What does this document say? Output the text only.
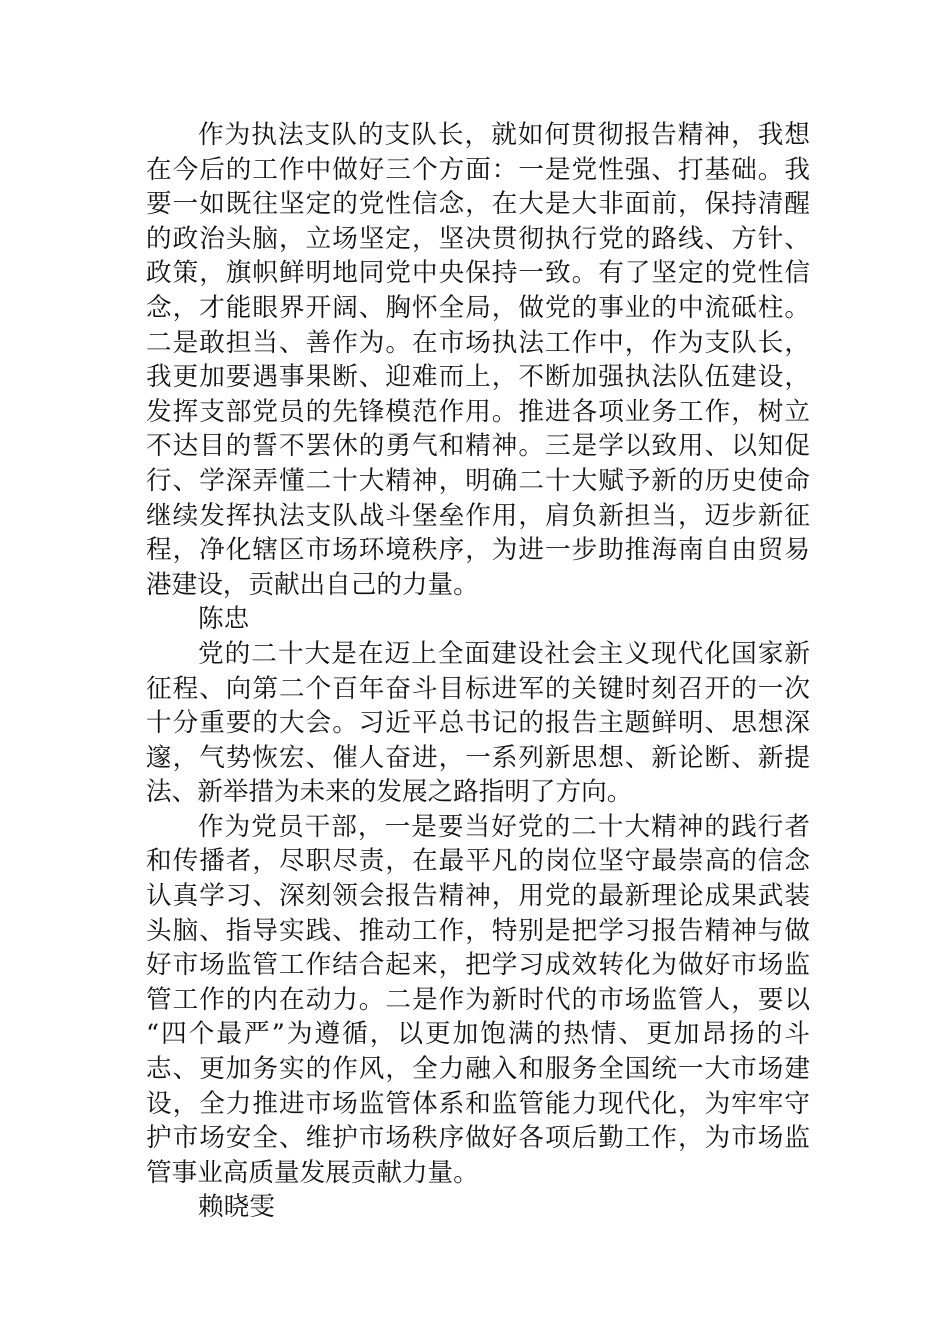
作为执法支队的支队长，就如何贯彻报告精神，我想
在今后的工作中做好三个方面：一是党性强、打基础。我
要一如既往坚定的党性信念，在大是大非面前，保持清醒
的政治头脑，立场坚定，坚决贯彻执行党的路线、方针、
政策，旗帜鲜明地同党中央保持一致。有了坚定的党性信
念，才能眼界开阔、胸怀全局，做党的事业的中流砥柱。
二是敢担当、善作为。在市场执法工作中，作为支队长，
我更加要遇事果断、迎难而上，不断加强执法队伍建设，
发挥支部党员的先锋模范作用。推进各项业务工作，树立
不达目的誓不罢休的勇气和精神。三是学以致用、以知促
行、学深弄懂二十大精神，明确二十大赋予新的历史使命
继续发挥执法支队战斗堡垒作用，肩负新担当，迈步新征
程，净化辖区市场环境秩序，为进一步助推海南自由贸易
港建设，贡献出自己的力量。
陈忠
党的二十大是在迈上全面建设社会主义现代化国家新
征程、向第二个百年奋斗目标进军的关键时刻召开的一次
十分重要的大会。习近平总书记的报告主题鲜明、思想深
邃，气势恢宏、催人奋进，一系列新思想、新论断、新提
法、新举措为未来的发展之路指明了方向。
作为党员干部，一是要当好党的二十大精神的践行者
和传播者，尽职尽责，在最平凡的岗位坚守最崇高的信念
认真学习、深刻领会报告精神，用党的最新理论成果武装
头脑、指导实践、推动工作，特别是把学习报告精神与做
好市场监管工作结合起来，把学习成效转化为做好市场监
管工作的内在动力。二是作为新时代的市场监管人，要以
“四个最严”为遵循，以更加饱满的热情、更加昂扬的斗
志、更加务实的作风，全力融入和服务全国统一大市场建
设，全力推进市场监管体系和监管能力现代化，为牢牢守
护市场安全、维护市场秩序做好各项后勤工作，为市场监
管事业高质量发展贡献力量。
赖晓雯
